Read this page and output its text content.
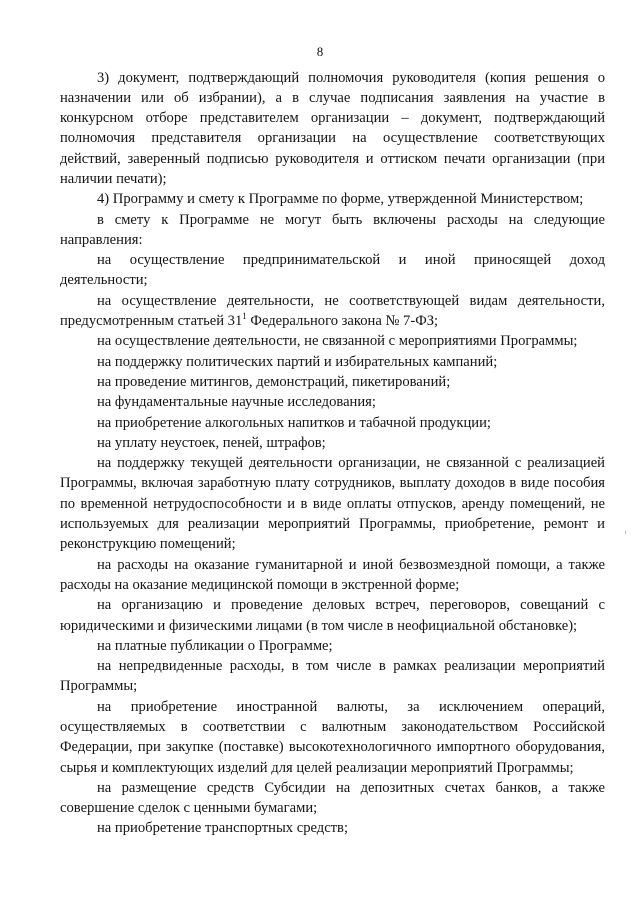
8

3) документ, подтверждающий полномочия руководителя (копия решения о назначении или об избрании), а в случае подписания заявления на участие в конкурсном отборе представителем организации – документ, подтверждающий полномочия представителя организации на осуществление соответствующих действий, заверенный подписью руководителя и оттиском печати организации (при наличии печати);

4) Программу и смету к Программе по форме, утвержденной Министерством;

в смету к Программе не могут быть включены расходы на следующие направления:

на осуществление предпринимательской и иной приносящей доход деятельности;

на осуществление деятельности, не соответствующей видам деятельности, предусмотренным статьей $31^1$ Федерального закона № 7-ФЗ;

на осуществление деятельности, не связанной с мероприятиями Программы;

на поддержку политических партий и избирательных кампаний;

на проведение митингов, демонстраций, пикетирований;

на фундаментальные научные исследования;

на приобретение алкогольных напитков и табачной продукции;

на уплату неустоек, пеней, штрафов;

на поддержку текущей деятельности организации, не связанной с реализацией Программы, включая заработную плату сотрудников, выплату доходов в виде пособия по временной нетрудоспособности и в виде оплаты отпусков, аренду помещений, не используемых для реализации мероприятий Программы, приобретение, ремонт и реконструкцию помещений;

на расходы на оказание гуманитарной и иной безвозмездной помощи, а также расходы на оказание медицинской помощи в экстренной форме;

на организацию и проведение деловых встреч, переговоров, совещаний с юридическими и физическими лицами (в том числе в неофициальной обстановке);

на платные публикации о Программе;

на непредвиденные расходы, в том числе в рамках реализации мероприятий Программы;

на приобретение иностранной валюты, за исключением операций, осуществляемых в соответствии с валютным законодательством Российской Федерации, при закупке (поставке) высокотехнологичного импортного оборудования, сырья и комплектующих изделий для целей реализации мероприятий Программы;

на размещение средств Субсидии на депозитных счетах банков, а также совершение сделок с ценными бумагами;

на приобретение транспортных средств;
